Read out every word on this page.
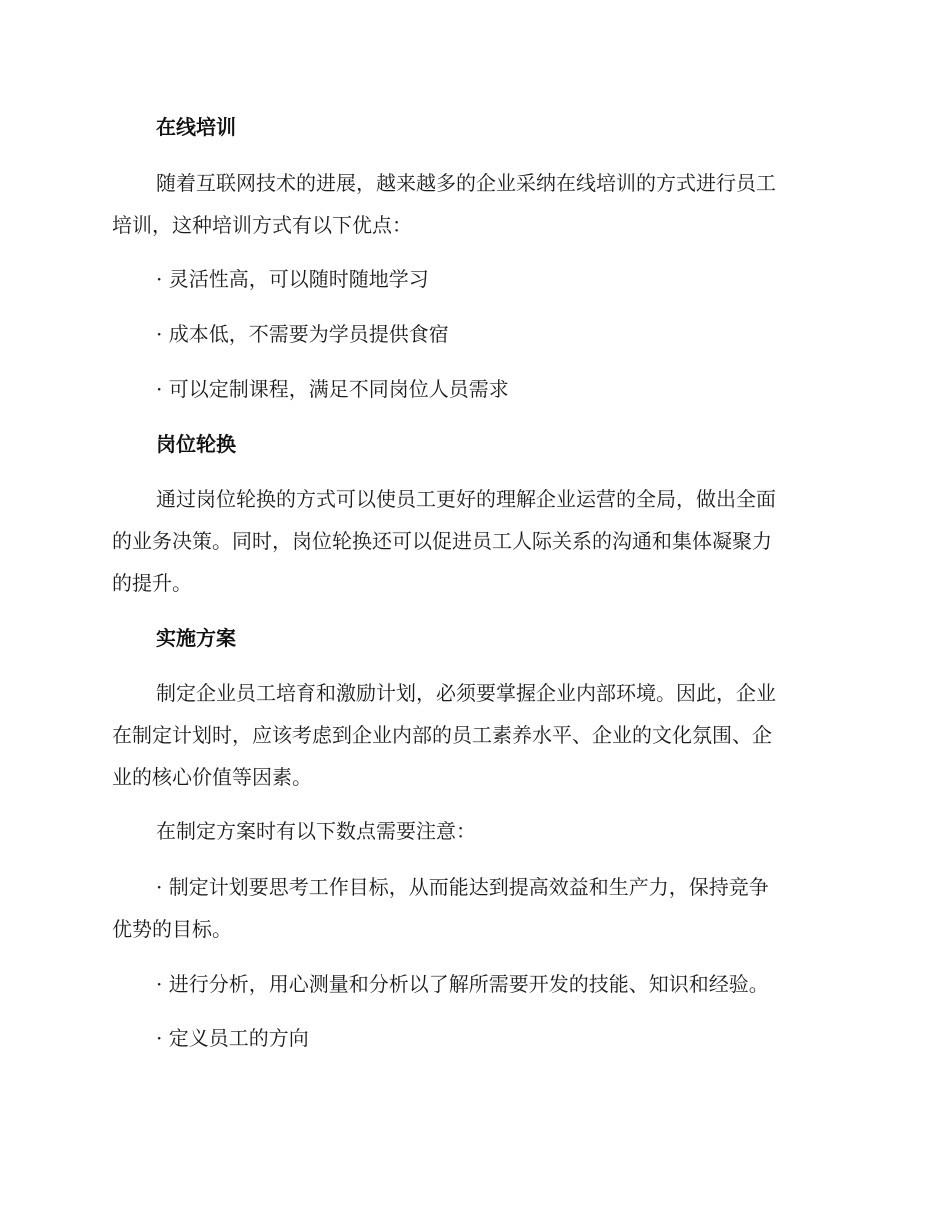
在线培训
随着互联网技术的进展，越来越多的企业采纳在线培训的方式进行员工
培训，这种培训方式有以下优点：
· 灵活性高，可以随时随地学习
· 成本低，不需要为学员提供食宿
· 可以定制课程，满足不同岗位人员需求
岗位轮换
通过岗位轮换的方式可以使员工更好的理解企业运营的全局，做出全面
的业务决策。同时，岗位轮换还可以促进员工人际关系的沟通和集体凝聚力
的提升。
实施方案
制定企业员工培育和激励计划，必须要掌握企业内部环境。因此，企业
在制定计划时，应该考虑到企业内部的员工素养水平、企业的文化氛围、企
业的核心价值等因素。
在制定方案时有以下数点需要注意：
· 制定计划要思考工作目标，从而能达到提高效益和生产力，保持竞争
优势的目标。
· 进行分析，用心测量和分析以了解所需要开发的技能、知识和经验。
· 定义员工的方向
